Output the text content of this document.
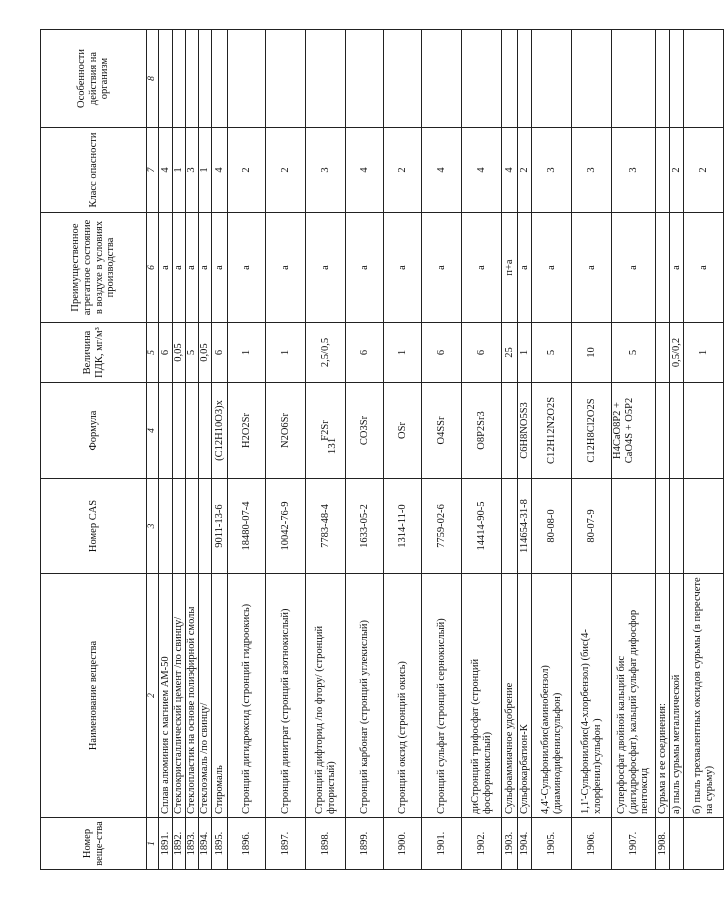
131
Номер веще-ства	Наименование вещества	Номер CAS	Формула	Величина ПДК, мг/м³	Преимущественное агрегатное состояние в воздухе в условиях производства	Класс опасности	Особенности действия на организм
1	2	3	4	5	6	7	8
1891.	Сплав алюминия с магнием АМ-50			6	а	4	
1892.	Стеклокристаллический цемент /по свинцу/			0,05	а	1	
1893.	Стеклопластик на основе полиэфирной смолы			5	а	3	
1894.	Стеклоэмаль /по свинцу/			0,05	а	1	
1895.	Стиромаль	9011-13-6	(C12H10O3)x	6	а	4	
1896.	Стронций дигидроксид (стронций гидроокись)	18480-07-4	H2O2Sr	1	а	2	
1897.	Стронций динитрат (стронций азотнокислый)	10042-76-9	N2O6Sr	1	а	2	
1898.	Стронций дифторид /по фтору/ (стронций фтористый)	7783-48-4	F2Sr	2,5/0,5	а	3	
1899.	Стронций карбонат (стронций углекислый)	1633-05-2	CO3Sr	6	а	4	
1900.	Стронций оксид (стронций окись)	1314-11-0	OSr	1	а	2	
1901.	Стронций сульфат (стронций сернокислый)	7759-02-6	O4SSr	6	а	4	
1902.	диСтронций трифосфат (стронций фосфорнокислый)	14414-90-5	O8P2Sr3	6	а	4	
1903.	Сульфоаммиачное удобрение			25	п+а	4	
1904.	Сульфокарбатион-К	114654-31-8	C6H8NO5S3	1	а	2	
1905.	4,4'-Сульфонилбис(аминобензол) (диаминодифенилсульфон)	80-08-0	C12H12N2O2S	5	а	3	
1906.	1,1'-Сульфонилбис(4-хлорбензол) (бис(4-хлорфенил)сульфон )	80-07-9	C12H8Cl2O2S	10	а	3	
1907.	Суперфосфат двойной кальций бис (дигидрофосфат), кальций сульфат дифосфор пентоксид		H4CaO8P2 + CaO4S + O5P2	5	а	3	
1908.	Сурьма и ее соединения:						
	а) пыль сурьмы металлической			0,5/0,2	а	2	
	б) пыль трехвалентных оксидов сурьмы (в пересчете на сурьму)			1	а	2	
